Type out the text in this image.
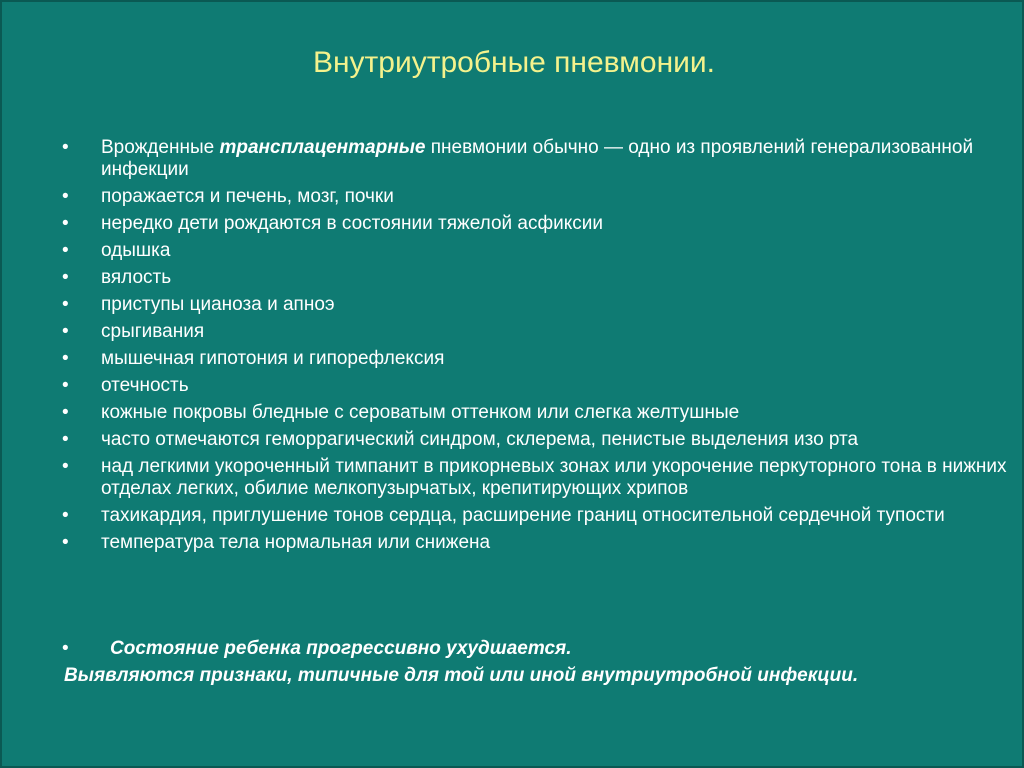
Внутриутробные пневмонии.
•	Врожденные трансплацентарные пневмонии обычно — одно из проявлений генерализованной инфекции
•	поражается и печень, мозг, почки
•	нередко дети рождаются в состоянии тяжелой асфиксии
•	одышка
•	вялость
•	приступы цианоза и апноэ
•	срыгивания
•	мышечная гипотония и гипорефлексия
•	отечность
•	кожные покровы бледные с сероватым оттенком или слегка желтушные
•	часто отмечаются геморрагический синдром, склерема, пенистые выделения изо рта
•	над легкими укороченный тимпанит в прикорневых зонах или укорочение перкуторного тона в нижних отделах легких, обилие мелкопузырчатых, крепитирующих хрипов
•	тахикардия, приглушение тонов сердца, расширение границ относительной сердечной тупости
•	температура тела нормальная или снижена
• Состояние ребенка прогрессивно ухудшается.
Выявляются признаки, типичные для той или иной внутриутробной инфекции.
